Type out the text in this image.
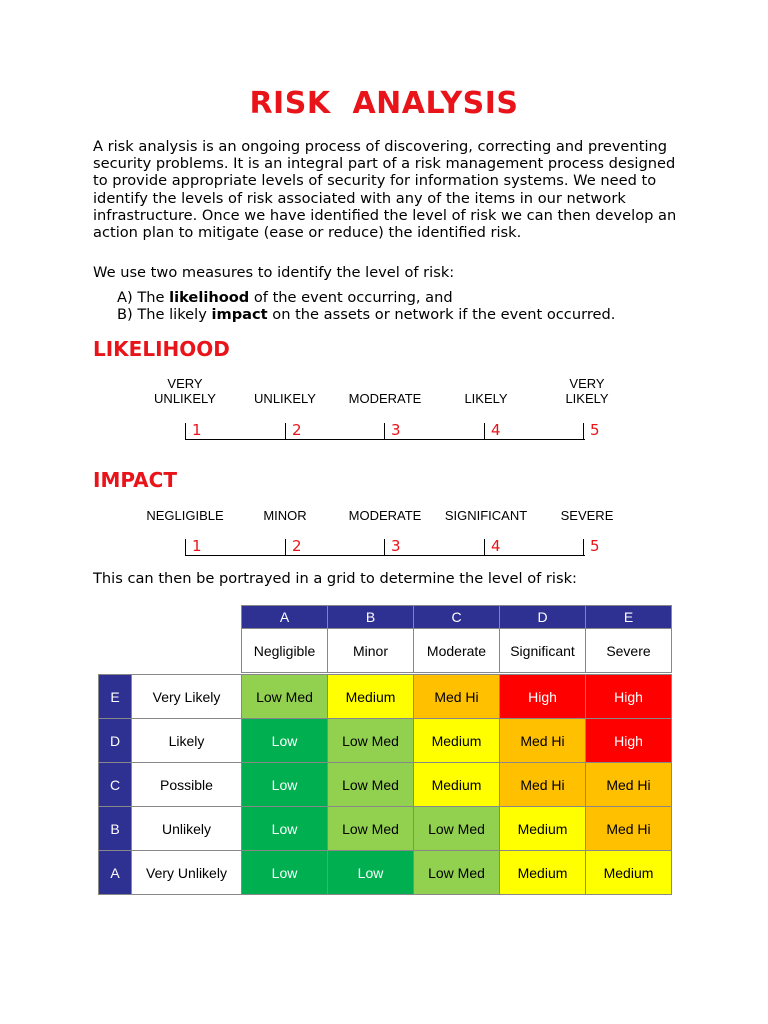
RISK  ANALYSIS
A risk analysis is an ongoing process of discovering, correcting and preventing security problems. It is an integral part of a risk management process designed to provide appropriate levels of security for information systems. We need to identify the levels of risk associated with any of the items in our network infrastructure. Once we have identified the level of risk we can then develop an action plan to mitigate (ease or reduce) the identified risk.
We use two measures to identify the level of risk:
A) The likelihood of the event occurring, and
B) The likely impact on the assets or network if the event occurred.
LIKELIHOOD
VERY
UNLIKELY	UNLIKELY	MODERATE	LIKELY
VERY
LIKELY
1	2	3	4	5
IMPACT
NEGLIGIBLE	MINOR	MODERATE	SIGNIFICANT	SEVERE
1	2	3	4	5
This can then be portrayed in a grid to determine the level of risk:
		A	B	C	D	E
		Negligible	Minor	Moderate	Significant	Severe

E	Very Likely	Low Med	Medium	Med Hi	High	High
D	Likely	Low	Low Med	Medium	Med Hi	High
C	Possible	Low	Low Med	Medium	Med Hi	Med Hi
B	Unlikely	Low	Low Med	Low Med	Medium	Med Hi
A	Very Unlikely	Low	Low	Low Med	Medium	Medium
